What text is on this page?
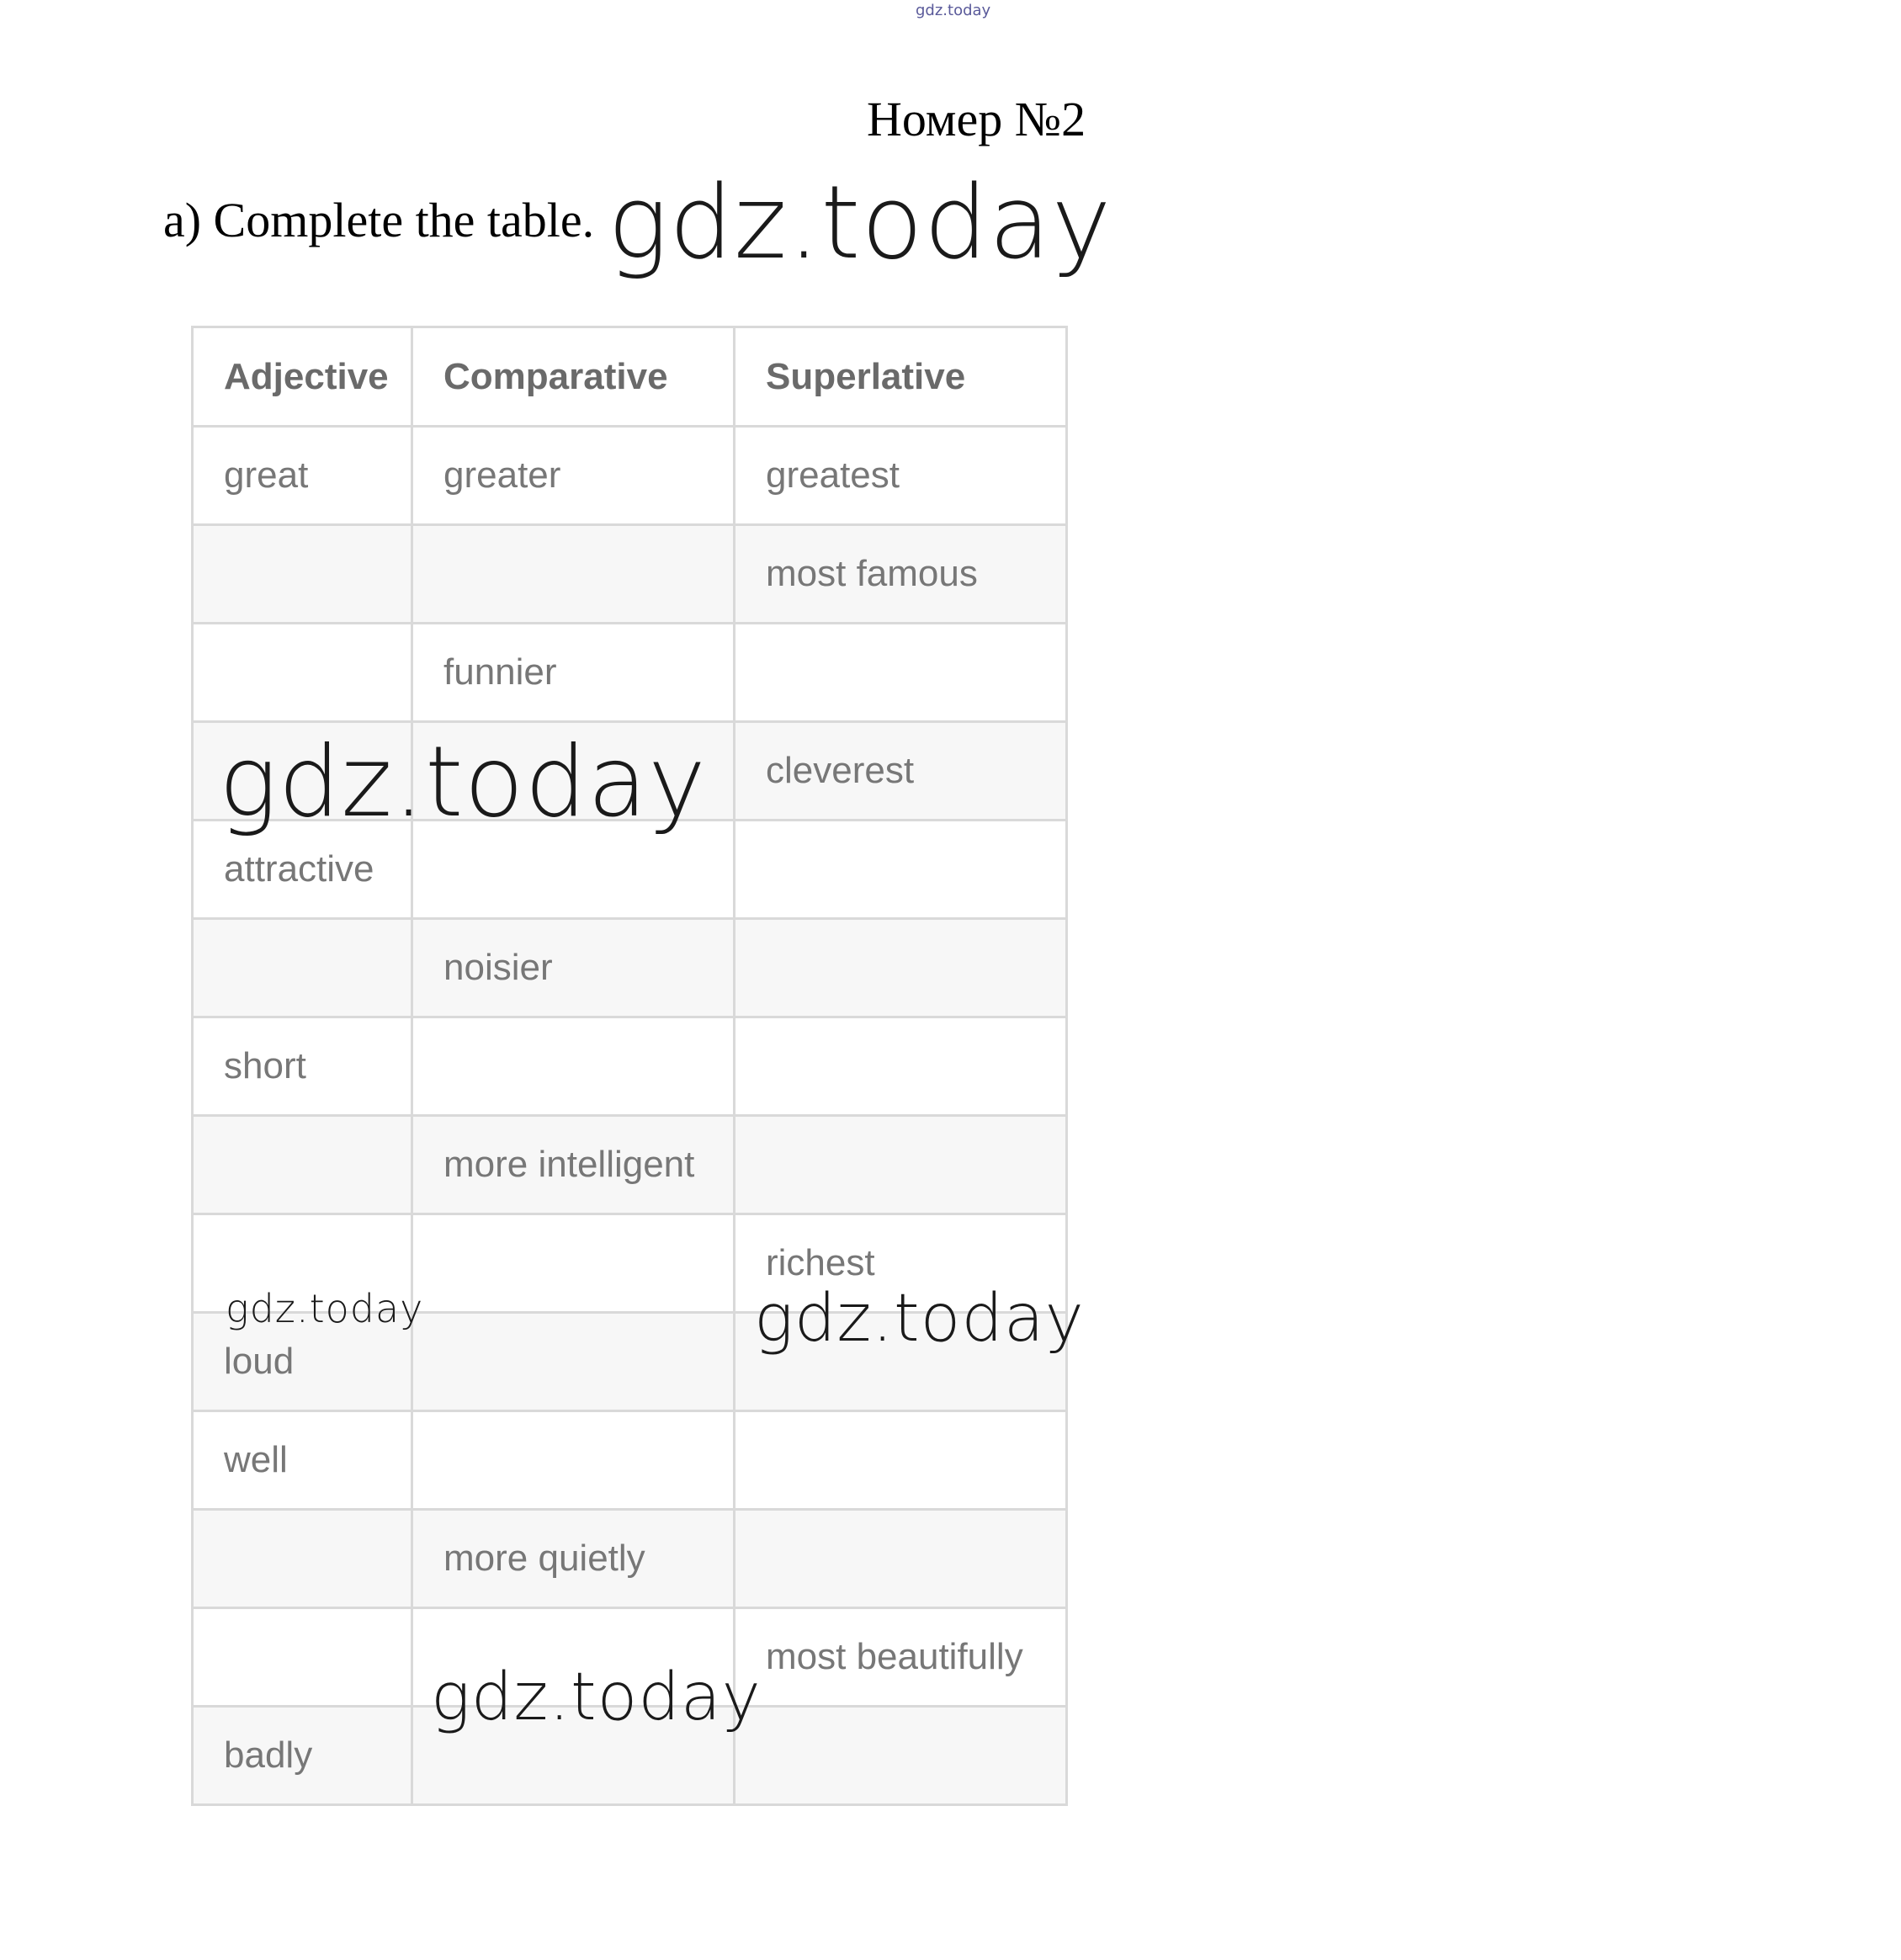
gdz.today
Номер №2
a) Complete the table.
Adjective	Comparative	Superlative
great	greater	greatest
		most famous
	funnier	
		cleverest
attractive		
	noisier	
short		
	more intelligent	
		richest
loud		
well		
	more quietly	
		most beautifully
badly		
gdz.today
gdz.today
gdz.today	gdz.today
gdz.today
